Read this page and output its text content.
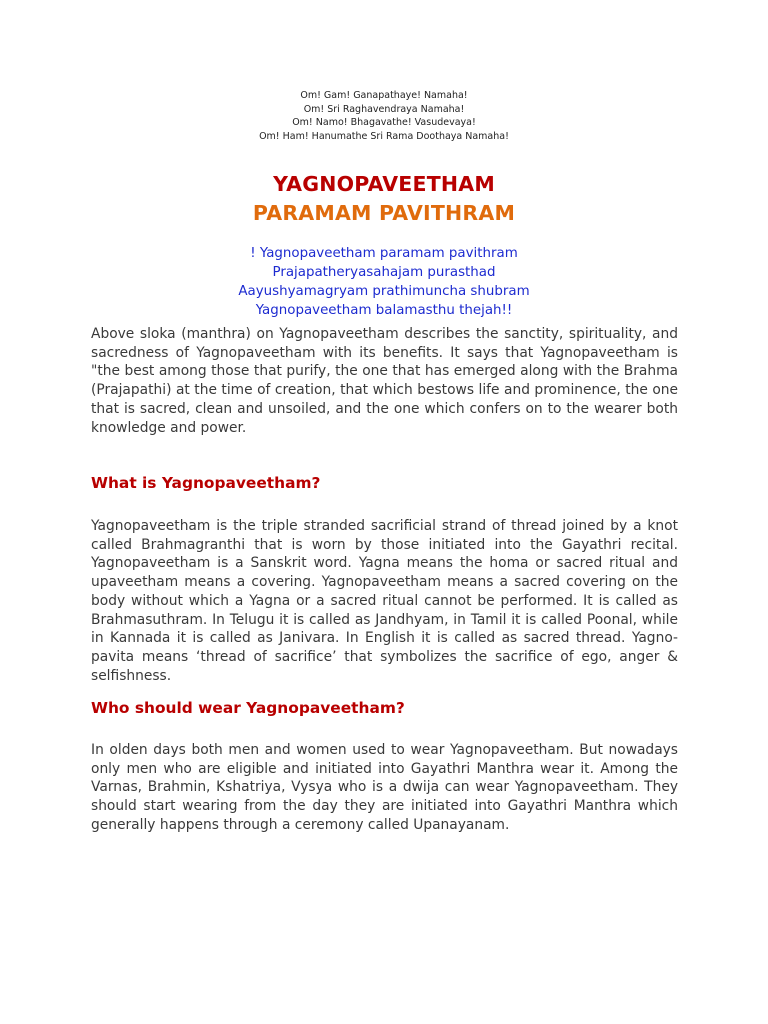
Om! Gam! Ganapathaye! Namaha!
Om! Sri Raghavendraya Namaha!
Om! Namo! Bhagavathe! Vasudevaya!
Om! Ham! Hanumathe Sri Rama Doothaya Namaha!
YAGNOPAVEETHAM
PARAMAM PAVITHRAM
! Yagnopaveetham paramam pavithram
Prajapatheryasahajam purasthad
Aayushyamagryam prathimuncha shubram
Yagnopaveetham balamasthu thejah!!

Above sloka (manthra) on Yagnopaveetham describes the sanctity, spirituality, and sacredness of Yagnopaveetham with its benefits. It says that Yagnopaveetham is "the best among those that purify, the one that has emerged along with the Brahma (Prajapathi) at the time of creation, that which bestows life and prominence, the one that is sacred, clean and unsoiled, and the one which confers on to the wearer both knowledge and power.

What is Yagnopaveetham?

Yagnopaveetham is the triple stranded sacrificial strand of thread joined by a knot called Brahmagranthi that is worn by those initiated into the Gayathri recital. Yagnopaveetham is a Sanskrit word. Yagna means the homa or sacred ritual and upaveetham means a covering. Yagnopaveetham means a sacred covering on the body without which a Yagna or a sacred ritual cannot be performed. It is called as Brahmasuthram. In Telugu it is called as Jandhyam, in Tamil it is called Poonal, while in Kannada it is called as Janivara. In English it is called as sacred thread. Yagno-pavita means ‘thread of sacrifice’ that symbolizes the sacrifice of ego, anger & selfishness.

Who should wear Yagnopaveetham?

In olden days both men and women used to wear Yagnopaveetham. But nowadays only men who are eligible and initiated into Gayathri Manthra wear it. Among the Varnas, Brahmin, Kshatriya, Vysya who is a dwija can wear Yagnopaveetham. They should start wearing from the day they are initiated into Gayathri Manthra which generally happens through a ceremony called Upanayanam.
